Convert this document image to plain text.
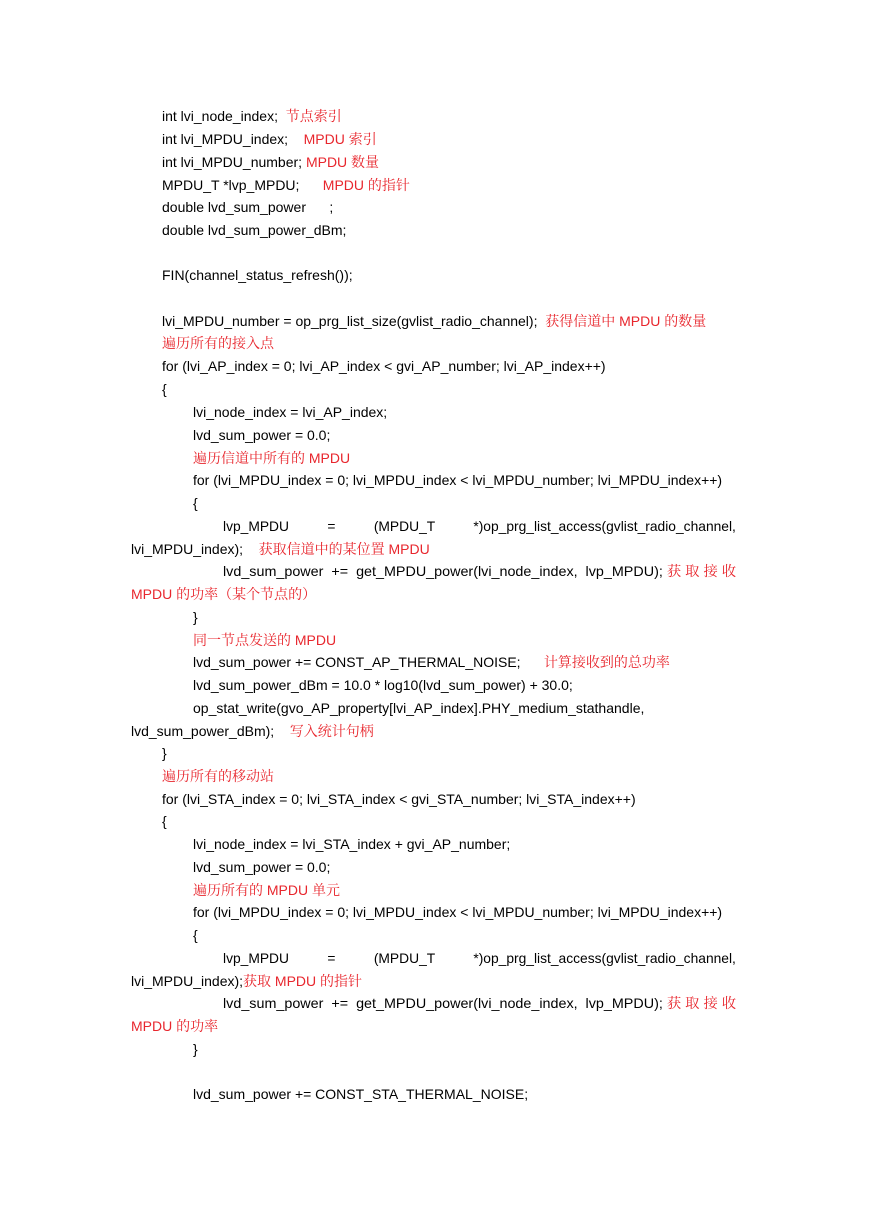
int lvi_node_index;  节点索引
int lvi_MPDU_index;    MPDU 索引
int lvi_MPDU_number; MPDU 数量
MPDU_T *lvp_MPDU;      MPDU 的指针
double lvd_sum_power      ;
double lvd_sum_power_dBm;
FIN(channel_status_refresh());
lvi_MPDU_number = op_prg_list_size(gvlist_radio_channel);  获得信道中 MPDU 的数量
遍历所有的接入点
for (lvi_AP_index = 0; lvi_AP_index < gvi_AP_number; lvi_AP_index++)
{
lvi_node_index = lvi_AP_index;
lvd_sum_power = 0.0;
遍历信道中所有的 MPDU
for (lvi_MPDU_index = 0; lvi_MPDU_index < lvi_MPDU_number; lvi_MPDU_index++)
{
lvp_MPDU          =          (MPDU_T          *)op_prg_list_access(gvlist_radio_channel,
lvi_MPDU_index);    获取信道中的某位置 MPDU
lvd_sum_power  +=  get_MPDU_power(lvi_node_index,  lvp_MPDU); 获 取 接 收
MPDU 的功率（某个节点的）
}
同一节点发送的 MPDU
lvd_sum_power += CONST_AP_THERMAL_NOISE;      计算接收到的总功率
lvd_sum_power_dBm = 10.0 * log10(lvd_sum_power) + 30.0;
op_stat_write(gvo_AP_property[lvi_AP_index].PHY_medium_stathandle,
lvd_sum_power_dBm);    写入统计句柄
}
遍历所有的移动站
for (lvi_STA_index = 0; lvi_STA_index < gvi_STA_number; lvi_STA_index++)
{
lvi_node_index = lvi_STA_index + gvi_AP_number;
lvd_sum_power = 0.0;
遍历所有的 MPDU 单元
for (lvi_MPDU_index = 0; lvi_MPDU_index < lvi_MPDU_number; lvi_MPDU_index++)
{
lvp_MPDU          =          (MPDU_T          *)op_prg_list_access(gvlist_radio_channel,
lvi_MPDU_index);获取 MPDU 的指针
lvd_sum_power  +=  get_MPDU_power(lvi_node_index,  lvp_MPDU); 获 取 接 收
MPDU 的功率
}
lvd_sum_power += CONST_STA_THERMAL_NOISE;
